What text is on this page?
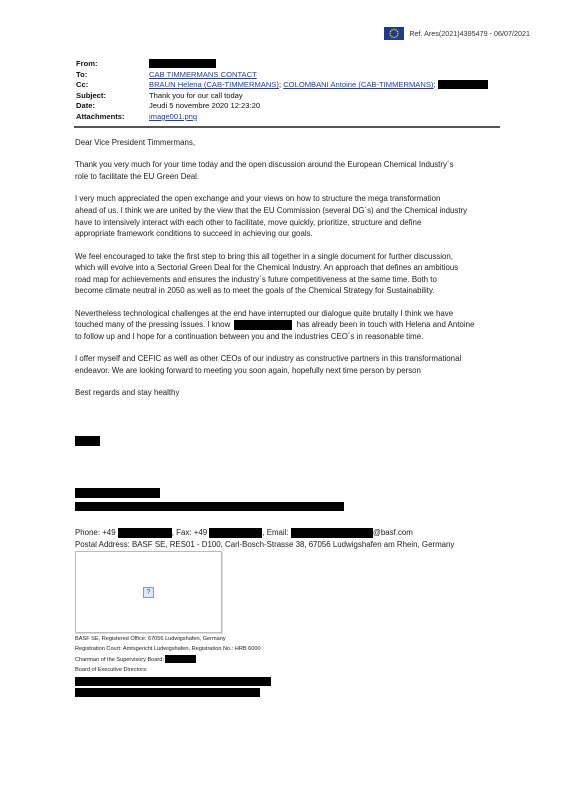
Ref. Ares(2021)4395479 - 06/07/2021
From:
To:	CAB TIMMERMANS CONTACT
Cc:	BRAUN Helena (CAB-TIMMERMANS) ; COLOMBANI Antoine (CAB-TIMMERMANS) ;
Subject:	Thank you for our call today
Date:	Jeudi 5 novembre 2020 12:23:20
Attachments:	image001.png

Dear Vice President Timmermans,

Thank you very much for your time today and the open discussion around the European Chemical Industry´s
role to facilitate the EU Green Deal.

I very much appreciated the open exchange and your views on how to structure the mega transformation
ahead of us. I think we are united by the view that the EU Commission (several DG´s) and the Chemical industry
have to intensively interact with each other to facilitate, move quickly, prioritize, structure and define
appropriate framework conditions to succeed in achieving our goals.

We feel encouraged to take the first step to bring this all together in a single document for further discussion,
which will evolve into a Sectorial Green Deal for the Chemical Industry. An approach that defines an ambitious
road map for achievements and ensures the industry´s future competitiveness at the same time. Both to
become climate neutral in 2050 as well as to meet the goals of the Chemical Strategy for Sustainability.

Nevertheless technological challenges at the end have interrupted our dialogue quite brutally I think we have
touched many of the pressing issues. I know	has already been in touch with Helena and Antoine
to follow up and I hope for a continuation between you and the industries CEO´s in reasonable time.

I offer myself and CEFIC as well as other CEOs of our industry as constructive partners in this transformational
endeavor. We are looking forward to meeting you soon again, hopefully next time person by person

Best regards and stay healthy

Phone: +49	, Fax: +49	, Email:	@basf.com
Postal Address: BASF SE, RES01 - D100, Carl-Bosch-Strasse 38, 67056 Ludwigshafen am Rhein, Germany
?
BASF SE, Registered Office: 67056 Ludwigshafen, Germany
Registration Court: Amtsgericht Ludwigshafen, Registration No.: HRB 6000
Chairman of the Supervisory Board:
Board of Executive Directors:
